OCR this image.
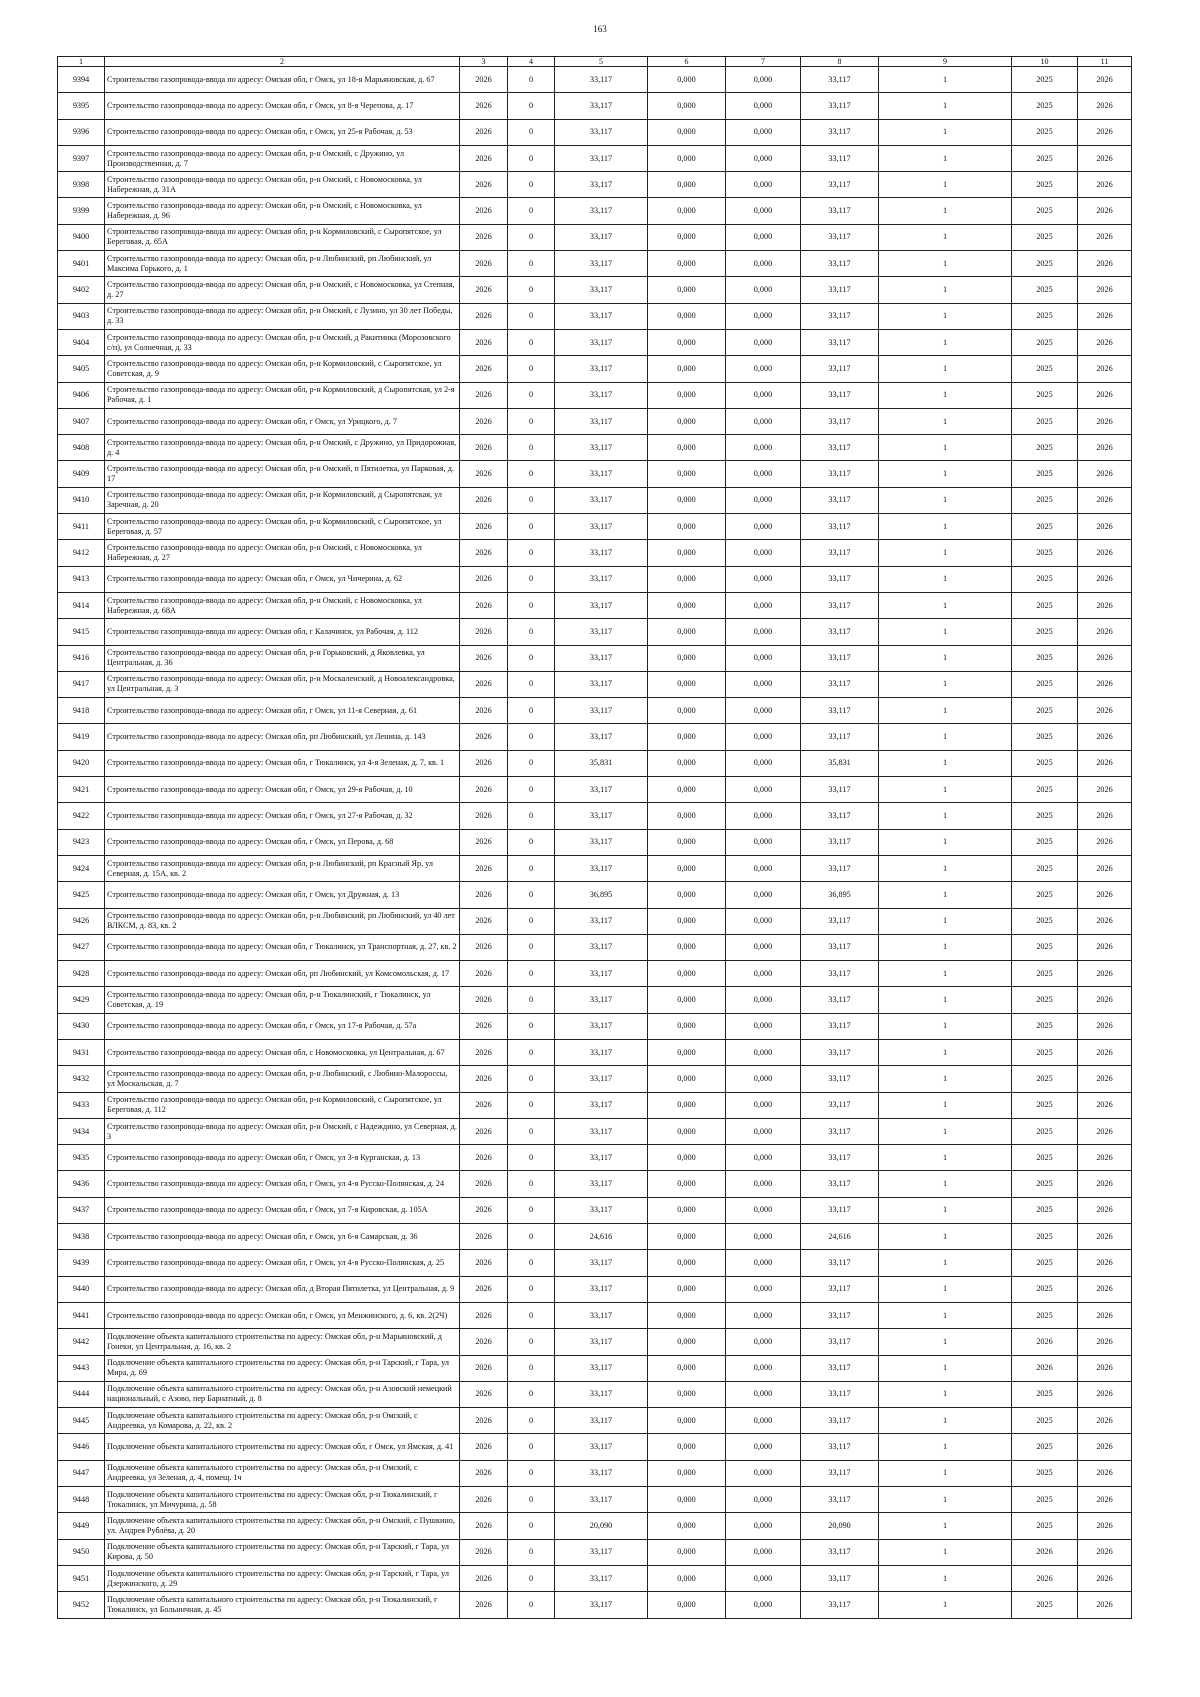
163
1	2	3	4	5	6	7	8	9	10	11
9394	Строительство газопровода-ввода по адресу: Омская обл, г Омск, ул 18-я Марьяновская, д. 67	2026	0	33,117	0,000	0,000	33,117	1	2025	2026
9395	Строительство газопровода-ввода по адресу: Омская обл, г Омск, ул 8-я Черепова, д. 17	2026	0	33,117	0,000	0,000	33,117	1	2025	2026
9396	Строительство газопровода-ввода по адресу: Омская обл, г Омск, ул 25-я Рабочая, д. 53	2026	0	33,117	0,000	0,000	33,117	1	2025	2026
9397	Строительство газопровода-ввода по адресу: Омская обл, р-н Омский, с Дружино, ул Производственная, д. 7	2026	0	33,117	0,000	0,000	33,117	1	2025	2026
9398	Строительство газопровода-ввода по адресу: Омская обл, р-н Омский, с Новомосковка, ул Набережная, д. 31А	2026	0	33,117	0,000	0,000	33,117	1	2025	2026
9399	Строительство газопровода-ввода по адресу: Омская обл, р-н Омский, с Новомосковка, ул Набережная, д. 96	2026	0	33,117	0,000	0,000	33,117	1	2025	2026
9400	Строительство газопровода-ввода по адресу: Омская обл, р-н Кормиловский, с Сыропятское, ул Береговая, д. 65А	2026	0	33,117	0,000	0,000	33,117	1	2025	2026
9401	Строительство газопровода-ввода по адресу: Омская обл, р-н Любинский, рп Любинский, ул Максима Горького, д. 1	2026	0	33,117	0,000	0,000	33,117	1	2025	2026
9402	Строительство газопровода-ввода по адресу: Омская обл, р-н Омский, с Новомосковка, ул Степная, д. 27	2026	0	33,117	0,000	0,000	33,117	1	2025	2026
9403	Строительство газопровода-ввода по адресу: Омская обл, р-н Омский, с Лузино, ул 30 лет Победы, д. 33	2026	0	33,117	0,000	0,000	33,117	1	2025	2026
9404	Строительство газопровода-ввода по адресу: Омская обл, р-н Омский, д Ракитинка (Морозовского с/п), ул Солнечная, д. 33	2026	0	33,117	0,000	0,000	33,117	1	2025	2026
9405	Строительство газопровода-ввода по адресу: Омская обл, р-н Кормиловский, с Сыропятское, ул Советская, д. 9	2026	0	33,117	0,000	0,000	33,117	1	2025	2026
9406	Строительство газопровода-ввода по адресу: Омская обл, р-н Кормиловский, д Сыропятская, ул 2-я Рабочая, д. 1	2026	0	33,117	0,000	0,000	33,117	1	2025	2026
9407	Строительство газопровода-ввода по адресу: Омская обл, г Омск, ул Урицкого, д. 7	2026	0	33,117	0,000	0,000	33,117	1	2025	2026
9408	Строительство газопровода-ввода по адресу: Омская обл, р-н Омский, с Дружино, ул Придорожная, д. 4	2026	0	33,117	0,000	0,000	33,117	1	2025	2026
9409	Строительство газопровода-ввода по адресу: Омская обл, р-н Омский, п Пятилетка, ул Парковая, д. 17	2026	0	33,117	0,000	0,000	33,117	1	2025	2026
9410	Строительство газопровода-ввода по адресу: Омская обл, р-н Кормиловский, д Сыропятская, ул Заречная, д. 20	2026	0	33,117	0,000	0,000	33,117	1	2025	2026
9411	Строительство газопровода-ввода по адресу: Омская обл, р-н Кормиловский, с Сыропятское, ул Береговая, д. 57	2026	0	33,117	0,000	0,000	33,117	1	2025	2026
9412	Строительство газопровода-ввода по адресу: Омская обл, р-н Омский, с Новомосковка, ул Набережная, д. 27	2026	0	33,117	0,000	0,000	33,117	1	2025	2026
9413	Строительство газопровода-ввода по адресу: Омская обл, г Омск, ул Чичерина, д. 62	2026	0	33,117	0,000	0,000	33,117	1	2025	2026
9414	Строительство газопровода-ввода по адресу: Омская обл, р-н Омский, с Новомосковка, ул Набережная, д. 68А	2026	0	33,117	0,000	0,000	33,117	1	2025	2026
9415	Строительство газопровода-ввода по адресу: Омская обл, г Калачинск, ул Рабочая, д. 112	2026	0	33,117	0,000	0,000	33,117	1	2025	2026
9416	Строительство газопровода-ввода по адресу: Омская обл, р-н Горьковский, д Яковлевка, ул Центральная, д. 36	2026	0	33,117	0,000	0,000	33,117	1	2025	2026
9417	Строительство газопровода-ввода по адресу: Омская обл, р-н Москаленский, д Новоалександровка, ул Центральная, д. 3	2026	0	33,117	0,000	0,000	33,117	1	2025	2026
9418	Строительство газопровода-ввода по адресу: Омская обл, г Омск, ул 11-я Северная, д. 61	2026	0	33,117	0,000	0,000	33,117	1	2025	2026
9419	Строительство газопровода-ввода по адресу: Омская обл, рп Любинский, ул Ленина, д. 143	2026	0	33,117	0,000	0,000	33,117	1	2025	2026
9420	Строительство газопровода-ввода по адресу: Омская обл, г Тюкалинск, ул 4-я Зеленая, д. 7, кв. 1	2026	0	35,831	0,000	0,000	35,831	1	2025	2026
9421	Строительство газопровода-ввода по адресу: Омская обл, г Омск, ул 29-я Рабочая, д. 10	2026	0	33,117	0,000	0,000	33,117	1	2025	2026
9422	Строительство газопровода-ввода по адресу: Омская обл, г Омск, ул 27-я Рабочая, д. 32	2026	0	33,117	0,000	0,000	33,117	1	2025	2026
9423	Строительство газопровода-ввода по адресу: Омская обл, г Омск, ул Перова, д. 68	2026	0	33,117	0,000	0,000	33,117	1	2025	2026
9424	Строительство газопровода-ввода по адресу: Омская обл, р-н Любинский, рп Красный Яр, ул Северная, д. 15А, кв. 2	2026	0	33,117	0,000	0,000	33,117	1	2025	2026
9425	Строительство газопровода-ввода по адресу: Омская обл, г Омск, ул Дружная, д. 13	2026	0	36,895	0,000	0,000	36,895	1	2025	2026
9426	Строительство газопровода-ввода по адресу: Омская обл, р-н Любинский, рп Любинский, ул 40 лет ВЛКСМ, д. 83, кв. 2	2026	0	33,117	0,000	0,000	33,117	1	2025	2026
9427	Строительство газопровода-ввода по адресу: Омская обл, г Тюкалинск, ул Транспортная, д. 27, кв. 2	2026	0	33,117	0,000	0,000	33,117	1	2025	2026
9428	Строительство газопровода-ввода по адресу: Омская обл, рп Любинский, ул Комсомольская, д. 17	2026	0	33,117	0,000	0,000	33,117	1	2025	2026
9429	Строительство газопровода-ввода по адресу: Омская обл, р-н Тюкалинский, г Тюкалинск, ул Советская, д. 19	2026	0	33,117	0,000	0,000	33,117	1	2025	2026
9430	Строительство газопровода-ввода по адресу: Омская обл, г Омск, ул 17-я Рабочая, д. 57а	2026	0	33,117	0,000	0,000	33,117	1	2025	2026
9431	Строительство газопровода-ввода по адресу: Омская обл, с Новомосковка, ул Центральная, д. 67	2026	0	33,117	0,000	0,000	33,117	1	2025	2026
9432	Строительство газопровода-ввода по адресу: Омская обл, р-н Любинский, с Любино-Малороссы, ул Москальская, д. 7	2026	0	33,117	0,000	0,000	33,117	1	2025	2026
9433	Строительство газопровода-ввода по адресу: Омская обл, р-н Кормиловский, с Сыропятское, ул Береговая, д. 112	2026	0	33,117	0,000	0,000	33,117	1	2025	2026
9434	Строительство газопровода-ввода по адресу: Омская обл, р-н Омский, с Надеждино, ул Северная, д. 3	2026	0	33,117	0,000	0,000	33,117	1	2025	2026
9435	Строительство газопровода-ввода по адресу: Омская обл, г Омск, ул 3-я Курганская, д. 13	2026	0	33,117	0,000	0,000	33,117	1	2025	2026
9436	Строительство газопровода-ввода по адресу: Омская обл, г Омск, ул 4-я Русско-Полянская, д. 24	2026	0	33,117	0,000	0,000	33,117	1	2025	2026
9437	Строительство газопровода-ввода по адресу: Омская обл, г Омск, ул 7-я Кировская, д. 105А	2026	0	33,117	0,000	0,000	33,117	1	2025	2026
9438	Строительство газопровода-ввода по адресу: Омская обл, г Омск, ул 6-я Самарская, д. 36	2026	0	24,616	0,000	0,000	24,616	1	2025	2026
9439	Строительство газопровода-ввода по адресу: Омская обл, г Омск, ул 4-я Русско-Полянская, д. 25	2026	0	33,117	0,000	0,000	33,117	1	2025	2026
9440	Строительство газопровода-ввода по адресу: Омская обл, д Вторая Пятилетка, ул Центральная, д. 9	2026	0	33,117	0,000	0,000	33,117	1	2025	2026
9441	Строительство газопровода-ввода по адресу: Омская обл, г Омск, ул Менжинского, д. 6, кв. 2(2Ч)	2026	0	33,117	0,000	0,000	33,117	1	2025	2026
9442	Подключение объекта капитального строительства по адресу: Омская обл, р-н Марьяновский, д Гонеки, ул Центральная, д. 16, кв. 2	2026	0	33,117	0,000	0,000	33,117	1	2026	2026
9443	Подключение объекта капитального строительства по адресу: Омская обл, р-н Тарский, г Тара, ул Мира, д. 69	2026	0	33,117	0,000	0,000	33,117	1	2026	2026
9444	Подключение объекта капитального строительства по адресу: Омская обл, р-н Азовский немецкий национальный, с Азово, пер Барнатный, д. 8	2026	0	33,117	0,000	0,000	33,117	1	2025	2026
9445	Подключение объекта капитального строительства по адресу: Омская обл, р-н Омский, с Андреевка, ул Комарова, д. 22, кв. 2	2026	0	33,117	0,000	0,000	33,117	1	2025	2026
9446	Подключение объекта капитального строительства по адресу: Омская обл, г Омск, ул Ямская, д. 41	2026	0	33,117	0,000	0,000	33,117	1	2025	2026
9447	Подключение объекта капитального строительства по адресу: Омская обл, р-н Омский, с Андреевка, ул Зеленая, д. 4, помещ. 1ч	2026	0	33,117	0,000	0,000	33,117	1	2025	2026
9448	Подключение объекта капитального строительства по адресу: Омская обл, р-н Тюкалинский, г Тюкалинск, ул Мичурина, д. 58	2026	0	33,117	0,000	0,000	33,117	1	2025	2026
9449	Подключение объекта капитального строительства по адресу: Омская обл, р-н Омский, с Пушкино, ул. Андрея Рублёва, д. 20	2026	0	20,090	0,000	0,000	20,090	1	2025	2026
9450	Подключение объекта капитального строительства по адресу: Омская обл, р-н Тарский, г Тара, ул Кирова, д. 50	2026	0	33,117	0,000	0,000	33,117	1	2026	2026
9451	Подключение объекта капитального строительства по адресу: Омская обл, р-н Тарский, г Тара, ул Дзержинского, д. 29	2026	0	33,117	0,000	0,000	33,117	1	2026	2026
9452	Подключение объекта капитального строительства по адресу: Омская обл, р-н Тюкалинский, г Тюкалинск, ул Больничная, д. 45	2026	0	33,117	0,000	0,000	33,117	1	2025	2026
